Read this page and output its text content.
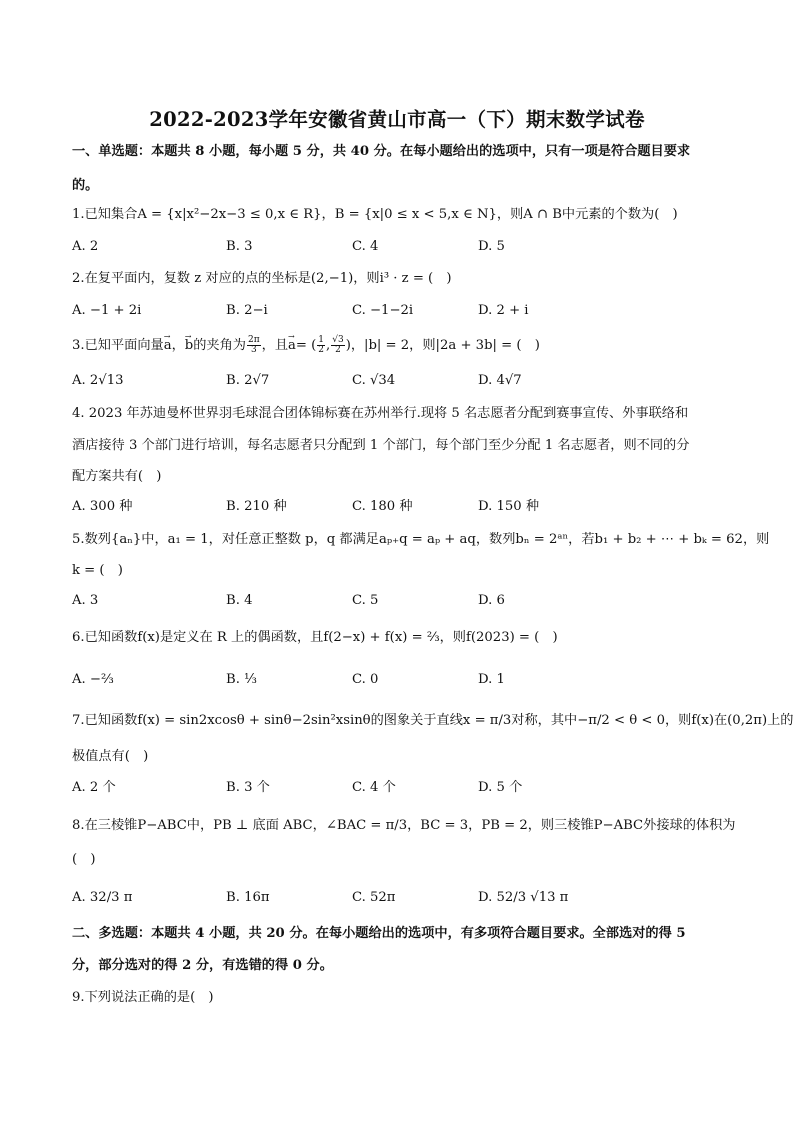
2022-2023学年安徽省黄山市高一（下）期末数学试卷
一、单选题：本题共 8 小题，每小题 5 分，共 40 分。在每小题给出的选项中，只有一项是符合题目要求
的。
1.已知集合A = {x|x²−2x−3 ≤ 0,x ∈ R}，B = {x|0 ≤ x < 5,x ∈ N}，则A ∩ B中元素的个数为(　)
A. 2	B. 3	C. 4	D. 5
2.在复平面内，复数 z 对应的点的坐标是(2,−1)，则i³ · z = (　)
A. −1 + 2i	B. 2−i	C. −1−2i	D. 2 + i
3.已知平面向量→ a，→ b的夹角为 $\frac{2\pi}{3}$ ，且→ a= ( $\frac{1}{2}$ , $\frac{√3}{2}$ )，|b| = 2，则|2a + 3b| = (　)
A. 2√13	B. 2√7	C. √34	D. 4√7
4. 2023 年苏迪曼杯世界羽毛球混合团体锦标赛在苏州举行.现将 5 名志愿者分配到赛事宣传、外事联络和
酒店接待 3 个部门进行培训，每名志愿者只分配到 1 个部门，每个部门至少分配 1 名志愿者，则不同的分
配方案共有(　)
A. 300 种	B. 210 种	C. 180 种	D. 150 种
5.数列{aₙ}中，a₁ = 1，对任意正整数 p，q 都满足aₚ₊q = aₚ + aq，数列bₙ = 2ᵃⁿ，若b₁ + b₂ + ⋯ + bₖ = 62，则
k = (　)
A. 3	B. 4	C. 5	D. 6
6.已知函数f(x)是定义在 R 上的偶函数，且f(2−x) + f(x) = ⅔，则f(2023) = (　)
A. −⅔	B. ⅓	C. 0	D. 1
7.已知函数f(x) = sin2xcosθ + sinθ−2sin²xsinθ的图象关于直线x = π/3对称，其中−π/2 < θ < 0，则f(x)在(0,2π)上的
极值点有(　)
A. 2 个	B. 3 个	C. 4 个	D. 5 个
8.在三棱锥P−ABC中，PB ⊥ 底面 ABC，∠BAC = π/3，BC = 3，PB = 2，则三棱锥P−ABC外接球的体积为
(　)
A. 32/3 π	B. 16π	C. 52π	D. 52/3 √13 π
二、多选题：本题共 4 小题，共 20 分。在每小题给出的选项中，有多项符合题目要求。全部选对的得 5
分，部分选对的得 2 分，有选错的得 0 分。
9.下列说法正确的是(　)
